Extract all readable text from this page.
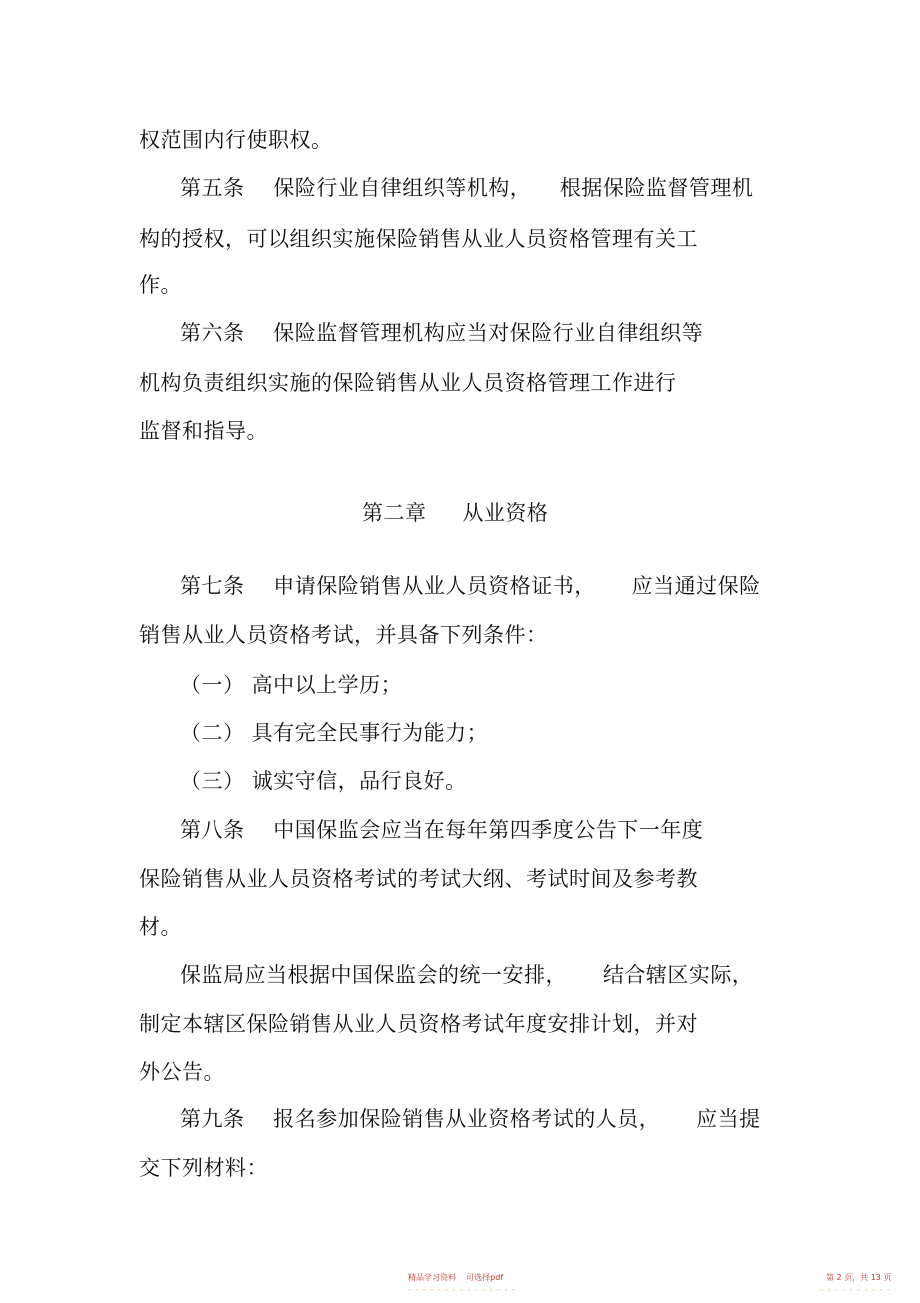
权范围内行使职权。
第五条    保险行业自律组织等机构，    根据保险监督管理机
构的授权，可以组织实施保险销售从业人员资格管理有关工
作。
第六条    保险监督管理机构应当对保险行业自律组织等
机构负责组织实施的保险销售从业人员资格管理工作进行
监督和指导。
第二章     从业资格
第七条    申请保险销售从业人员资格证书，     应当通过保险
销售从业人员资格考试，并具备下列条件：
（一） 高中以上学历；
（二） 具有完全民事行为能力；
（三） 诚实守信，品行良好。
第八条    中国保监会应当在每年第四季度公告下一年度
保险销售从业人员资格考试的考试大纲、考试时间及参考教
材。
保监局应当根据中国保监会的统一安排，     结合辖区实际，
制定本辖区保险销售从业人员资格考试年度安排计划，并对
外公告。
第九条    报名参加保险销售从业资格考试的人员，     应当提
交下列材料：
精品学习资料    可选择pdf
- - - - - - - - - - - - - - -
第 2 页，共 13 页
- - - - - - - - - -
